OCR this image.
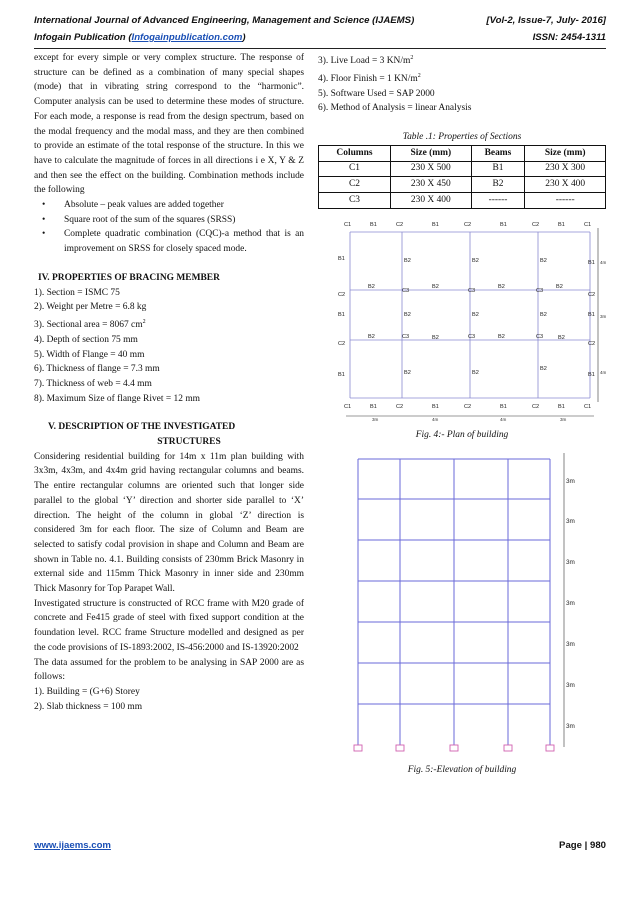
International Journal of Advanced Engineering, Management and Science (IJAEMS)	[Vol-2, Issue-7, July- 2016]
Infogain Publication (Infogainpublication.com)	ISSN: 2454-1311

except for every simple or very complex structure. The response of structure can be defined as a combination of many special shapes (mode) that in vibrating string correspond to the “harmonic”. Computer analysis can be used to determine these modes of structure. For each mode, a response is read from the design spectrum, based on the modal frequency and the modal mass, and they are then combined to provide an estimate of the total response of the structure. In this we have to calculate the magnitude of forces in all directions i e X, Y & Z and then see the effect on the building. Combination methods include the following

• Absolute – peak values are added together
• Square root of the sum of the squares (SRSS)
• Complete quadratic combination (CQC)-a method that is an improvement on SRSS for closely spaced mode.

IV. PROPERTIES OF BRACING MEMBER

1). Section = ISMC 75

2). Weight per Metre = 6.8 kg

3). Sectional area = 8067 $cm^2$

4). Depth of section 75 mm

5). Width of Flange = 40 mm

6). Thickness of flange = 7.3 mm

7). Thickness of web = 4.4 mm

8). Maximum Size of flange Rivet = 12 mm

V. DESCRIPTION OF THE INVESTIGATED

STRUCTURES

Considering residential building for 14m x 11m plan building with 3x3m, 4x3m, and 4x4m grid having rectangular columns and beams. The entire rectangular columns are oriented such that longer side parallel to the global ‘Y’ direction and shorter side parallel to ‘X’ direction. The height of the column in global ‘Z’ direction is considered 3m for each floor. The size of Column and Beam are selected to satisfy codal provision in shape and Column and Beam are shown in Table no. 4.1. Building consists of 230mm Brick Masonry in external side and 115mm Thick Masonry in inner side and 230mm Thick Masonry for Top Parapet Wall.

Investigated structure is constructed of RCC frame with M20 grade of concrete and Fe415 grade of steel with fixed support condition at the foundation level. RCC frame Structure modelled and designed as per the code provisions of IS-1893:2002, IS-456:2000 and IS-13920:2002

The data assumed for the problem to be analysing in SAP 2000 are as follows:

1). Building = (G+6) Storey

2). Slab thickness = 100 mm

3). Live Load = 3 $KN/m^2$

4). Floor Finish = 1 $KN/m^2$

5). Software Used = SAP 2000

6). Method of Analysis = linear Analysis

Table .1: Properties of Sections

Columns	Size (mm)	Beams	Size (mm)
C1	230 X 500	B1	230 X 300
C2	230 X 450	B2	230 X 400
C3	230 X 400	------	------
C1	B1	C2	B1	C2	B1	C2	B1	C1
B1	B2	B2	B2	B1
C2
B2
C3
B2
C3
B2
C3
B2
C2
B1	B2	B2	B2	B1
C2
B2	C3	B2	C3	B2	C3	B2
C2
B1	B2	B2
B2
B1
C1	B1	C2	B1	C2	B1	C2	B1	C1
3m	4m	4m	3m
4m
3m
4m

Fig. 4:- Plan of building

3m
3m
3m
3m
3m
3m
3m

Fig. 5:-Elevation of building

www.ijaems.com	Page | 980
